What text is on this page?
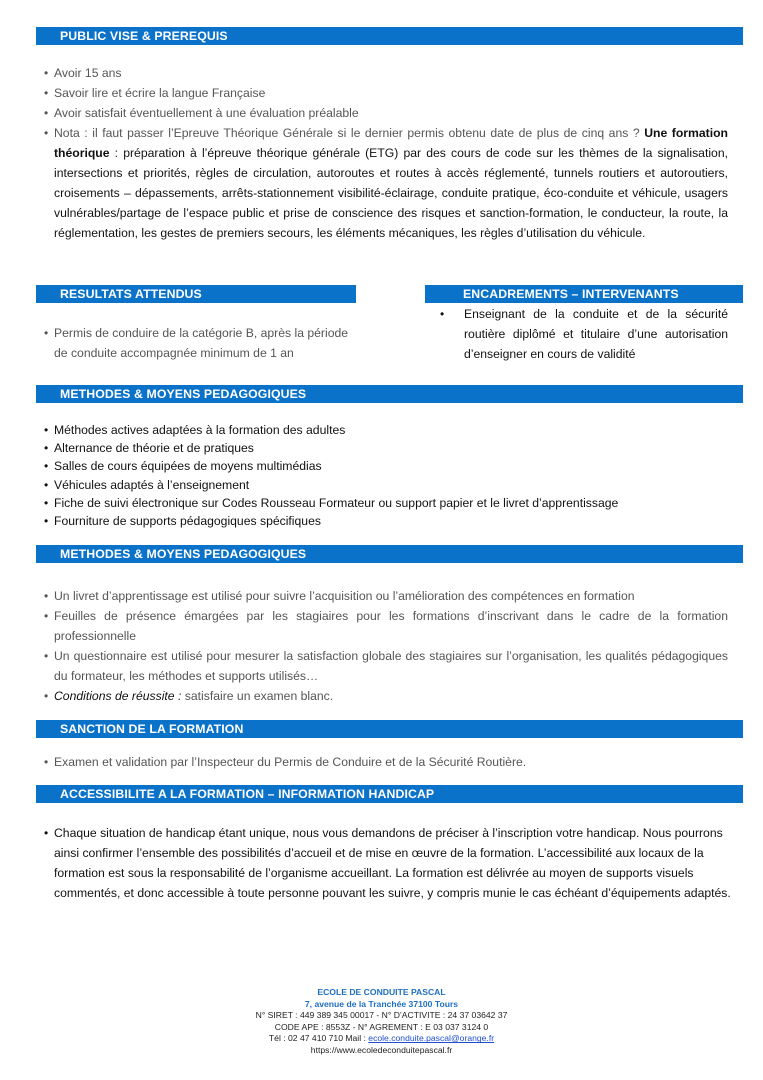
PUBLIC VISE & PREREQUIS
• Avoir 15 ans
• Savoir lire et écrire la langue Française
• Avoir satisfait éventuellement à une évaluation préalable
• Nota : il faut passer l’Epreuve Théorique Générale si le dernier permis obtenu date de plus de cinq ans ? Une formation théorique : préparation à l’épreuve théorique générale (ETG) par des cours de code sur les thèmes de la signalisation, intersections et priorités, règles de circulation, autoroutes et routes à accès réglementé, tunnels routiers et autoroutiers, croisements – dépassements, arrêts-stationnement visibilité-éclairage, conduite pratique, éco-conduite et véhicule, usagers vulnérables/partage de l’espace public et prise de conscience des risques et sanction-formation, le conducteur, la route, la réglementation, les gestes de premiers secours, les éléments mécaniques, les règles d’utilisation du véhicule.
RESULTATS ATTENDUS
• Permis de conduire de la catégorie B, après la période de conduite accompagnée minimum de 1 an
ENCADREMENTS – INTERVENANTS
• Enseignant de la conduite et de la sécurité routière diplômé et titulaire d’une autorisation d’enseigner en cours de validité
METHODES & MOYENS PEDAGOGIQUES
• Méthodes actives adaptées à la formation des adultes
• Alternance de théorie et de pratiques
• Salles de cours équipées de moyens multimédias
• Véhicules adaptés à l’enseignement
• Fiche de suivi électronique sur Codes Rousseau Formateur ou support papier et le livret d’apprentissage
• Fourniture de supports pédagogiques spécifiques
METHODES & MOYENS PEDAGOGIQUES
• Un livret d’apprentissage est utilisé pour suivre l’acquisition ou l’amélioration des compétences en formation
• Feuilles de présence émargées par les stagiaires pour les formations d’inscrivant dans le cadre de la formation professionnelle
• Un questionnaire est utilisé pour mesurer la satisfaction globale des stagiaires sur l’organisation, les qualités pédagogiques du formateur, les méthodes et supports utilisés…
• Conditions de réussite : satisfaire un examen blanc.
SANCTION DE LA FORMATION
• Examen et validation par l’Inspecteur du Permis de Conduire et de la Sécurité Routière.
ACCESSIBILITE A LA FORMATION – INFORMATION HANDICAP
• Chaque situation de handicap étant unique, nous vous demandons de préciser à l’inscription votre handicap. Nous pourrons ainsi confirmer l’ensemble des possibilités d’accueil et de mise en œuvre de la formation. L’accessibilité aux locaux de la formation est sous la responsabilité de l’organisme accueillant. La formation est délivrée au moyen de supports visuels commentés, et donc accessible à toute personne pouvant les suivre, y compris munie le cas échéant d’équipements adaptés.
ECOLE DE CONDUITE PASCAL
7, avenue de la Tranchée 37100 Tours
N° SIRET : 449 389 345 00017 - N° D’ACTIVITE : 24 37 03642 37
CODE APE : 8553Z - N° AGREMENT : E 03 037 3124 0
Tél : 02 47 410 710 Mail : ecole.conduite.pascal@orange.fr
https://www.ecoledeconduitepascal.fr
